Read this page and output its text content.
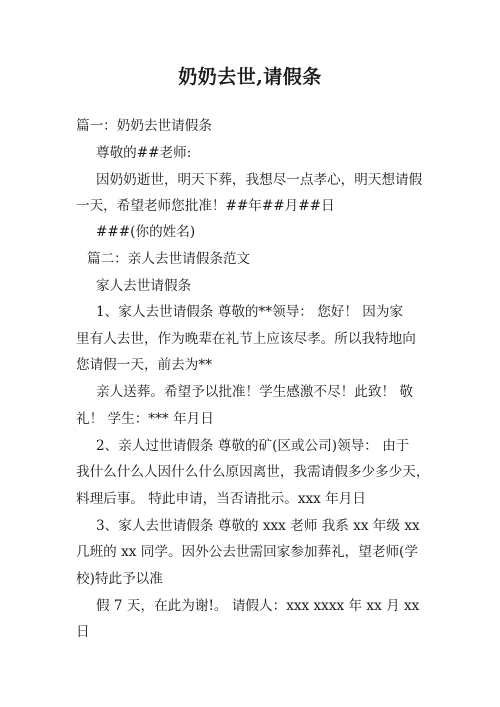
奶奶去世,请假条
篇一：奶奶去世请假条
尊敬的##老师:
因奶奶逝世，明天下葬，我想尽一点孝心，明天想请假
一天，希望老师您批准！##年##月##日
###(你的姓名)
篇二：亲人去世请假条范文
家人去世请假条
1、家人去世请假条 尊敬的**领导： 您好！ 因为家
里有人去世，作为晚辈在礼节上应该尽孝。所以我特地向
您请假一天，前去为**
亲人送葬。希望予以批准！学生感激不尽！此致！ 敬
礼！ 学生：*** 年月日
2、亲人过世请假条 尊敬的矿(区或公司)领导： 由于
我什么什么人因什么什么原因离世，我需请假多少多少天，
料理后事。 特此申请，当否请批示。xxx 年月日
3、家人去世请假条 尊敬的 xxx 老师 我系 xx 年级 xx
几班的 xx 同学。因外公去世需回家参加葬礼，望老师(学
校)特此予以准
假 7 天，在此为谢!。 请假人：xxx xxxx 年 xx 月 xx
日
